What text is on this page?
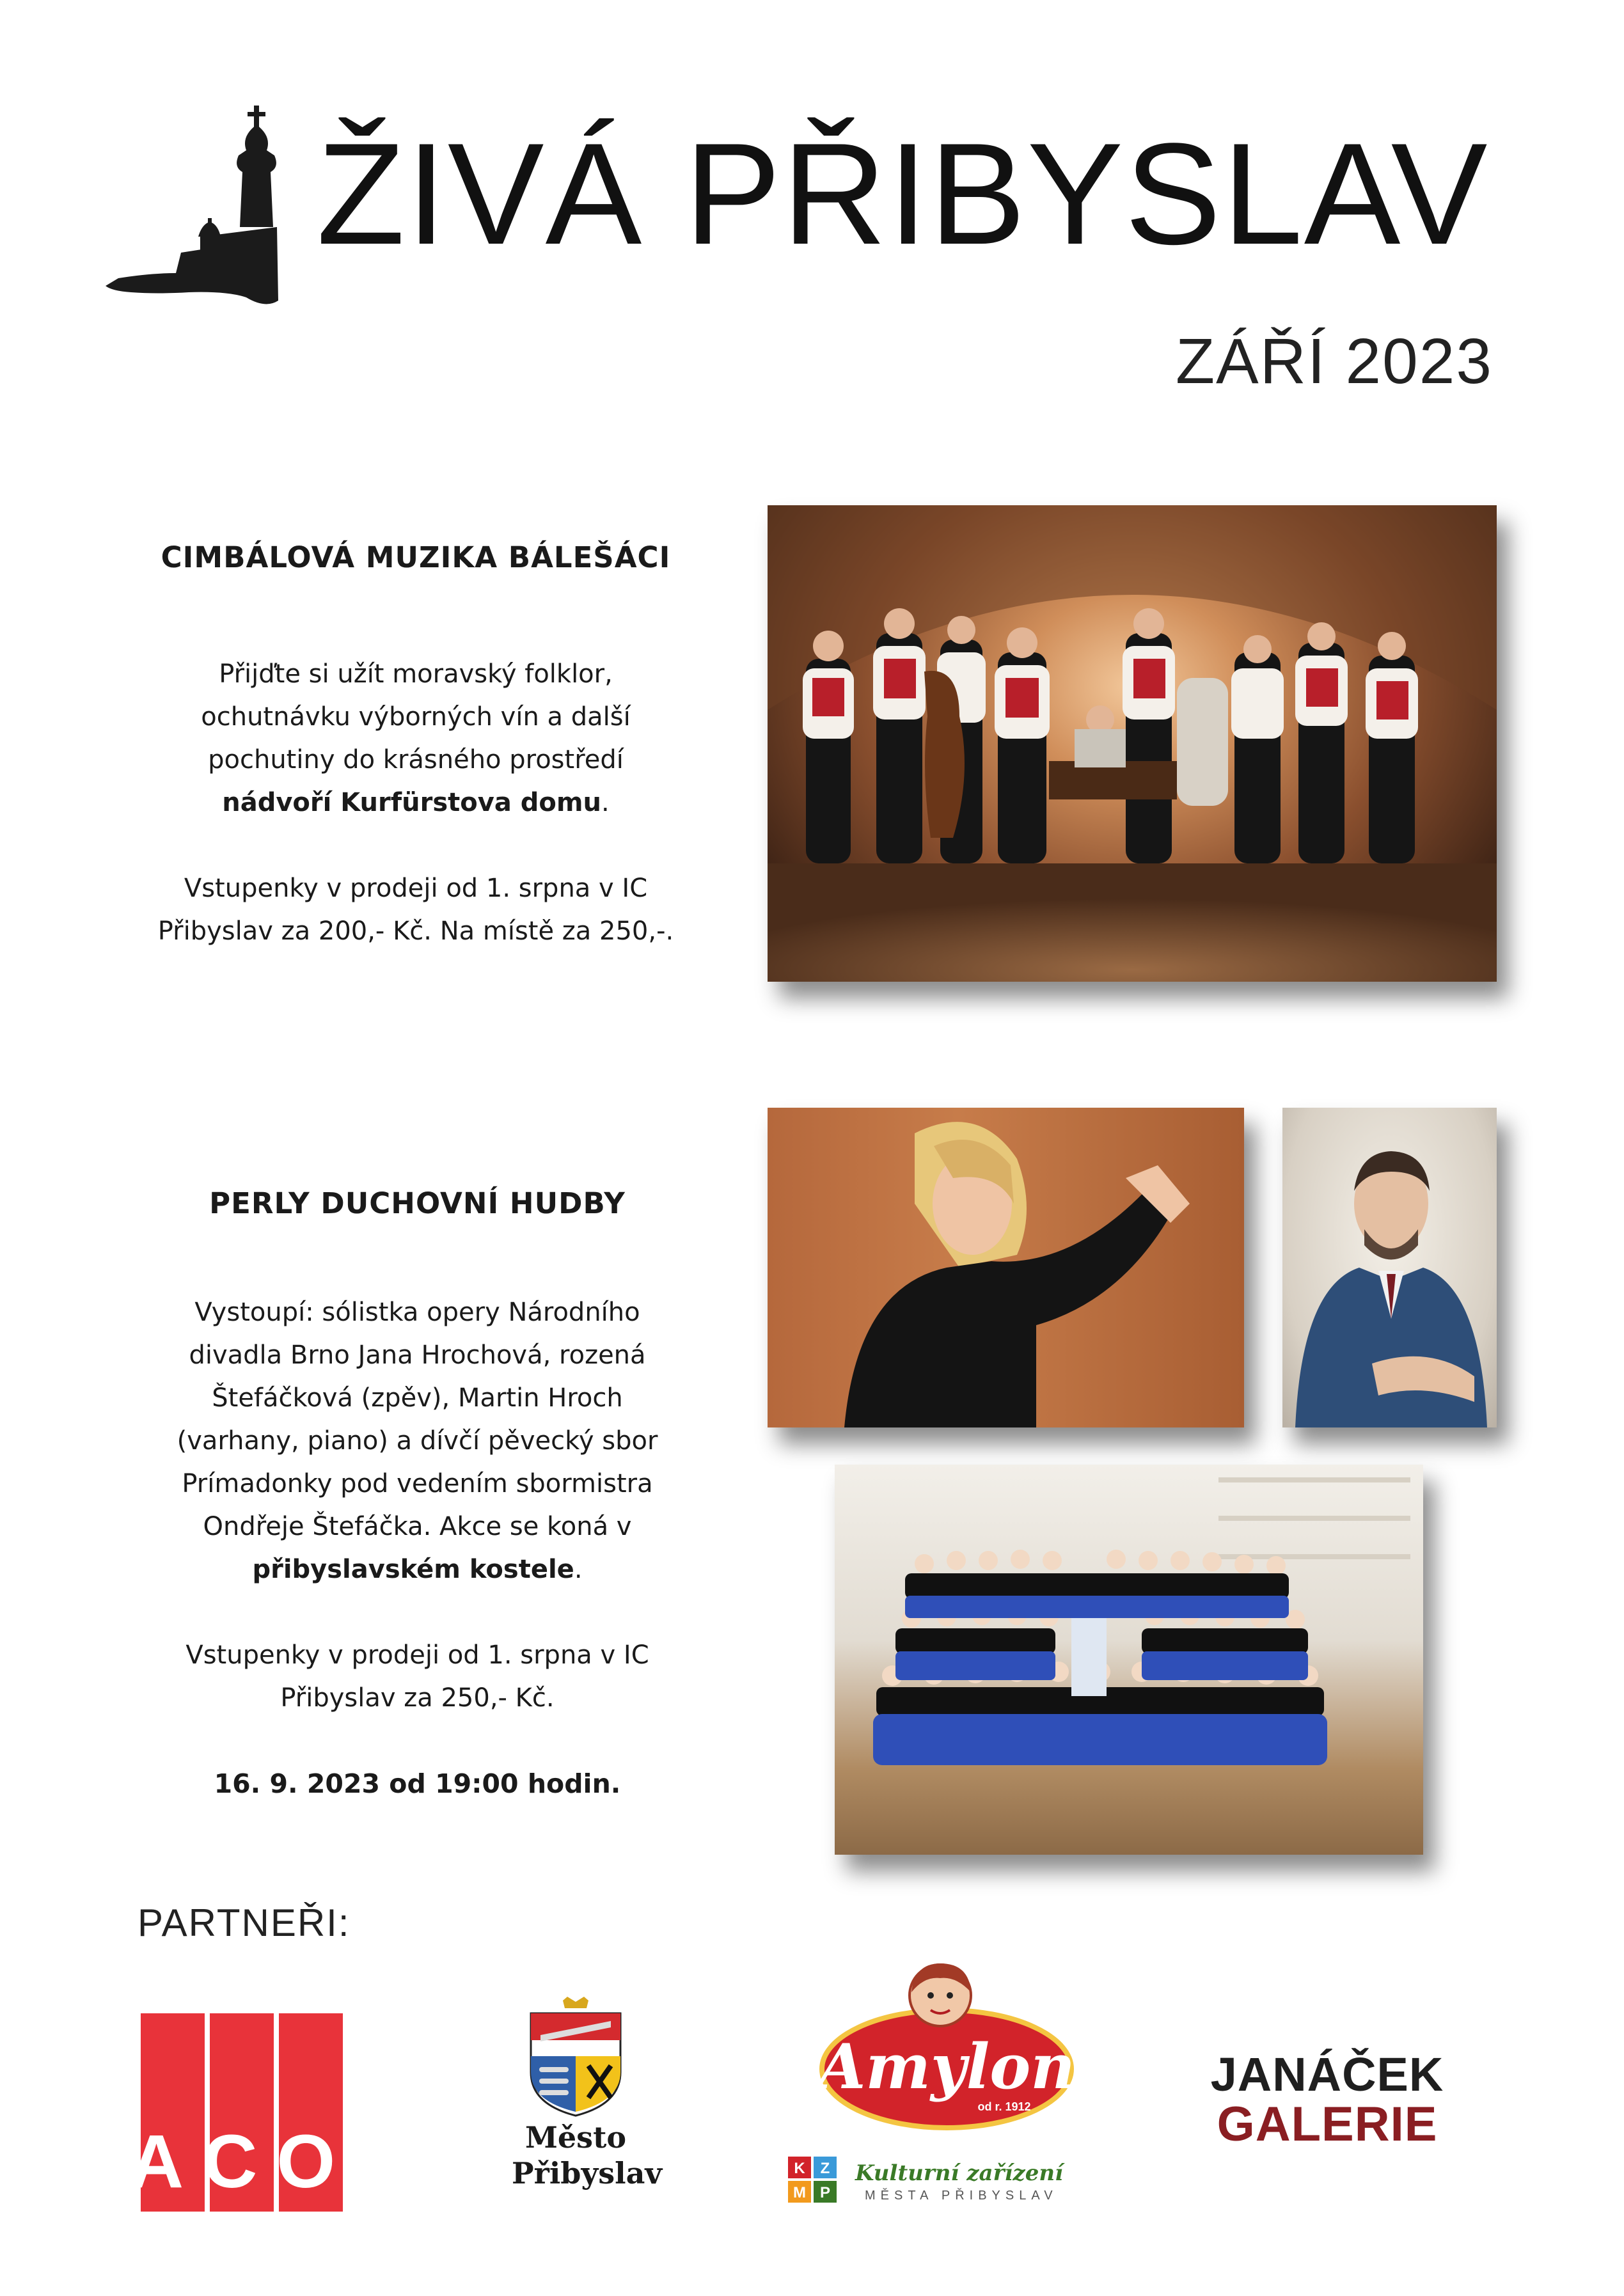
ŽIVÁ PŘIBYSLAV
ZÁŘÍ 2023
CIMBÁLOVÁ MUZIKA BÁLEŠÁCI

Přijďte si užít moravský folklor,

ochutnávku výborných vín a další

pochutiny do krásného prostředí

nádvoří Kurfürstova domu.

Vstupenky v prodeji od 1. srpna v IC

Přibyslav za 200,- Kč. Na místě za 250,-.

PERLY DUCHOVNÍ HUDBY

Vystoupí: sólistka opery Národního

divadla Brno Jana Hrochová, rozená

Štefáčková (zpěv), Martin Hroch

(varhany, piano) a dívčí pěvecký sbor

Prímadonky pod vedením sbormistra

Ondřeje Štefáčka. Akce se koná v

přibyslavském kostele.

Vstupenky v prodeji od 1. srpna v IC

Přibyslav za 250,- Kč.

16. 9. 2023 od 19:00 hodin.

PARTNEŘI:
ACO	Město
Přibyslav
Amylon
od r. 1912
K Z
M P
Kulturní zařízení
MĚSTA PŘIBYSLAV
JANÁČEK
GALERIE
